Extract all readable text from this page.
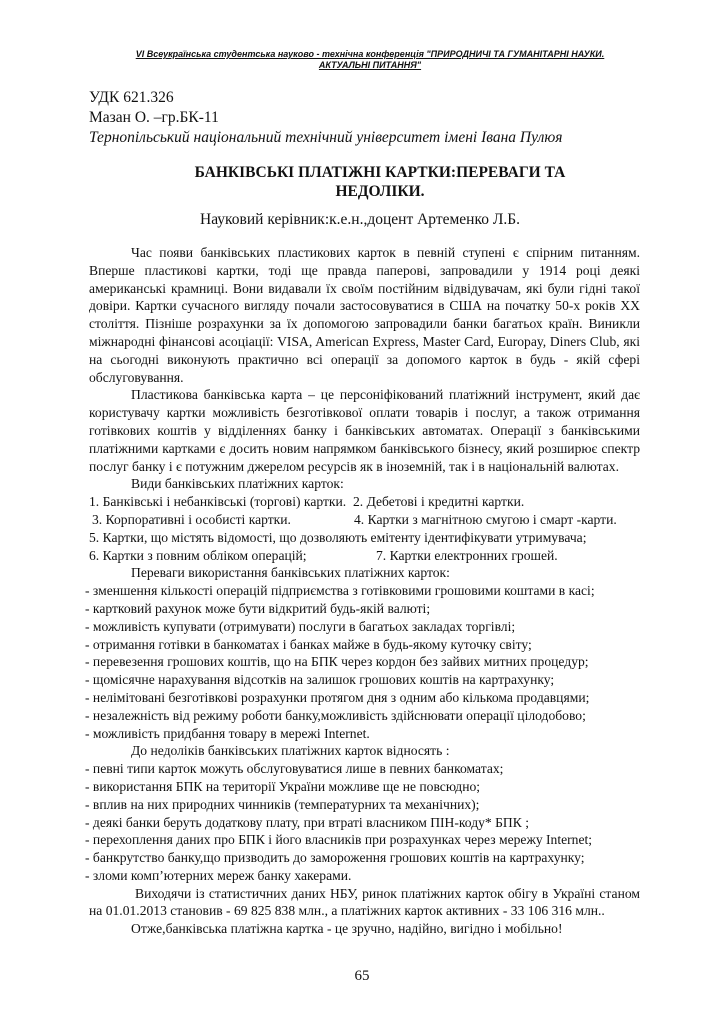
VI Всеукраїнська студентська науково - технічна конференція "ПРИРОДНИЧІ ТА ГУМАНІТАРНІ НАУКИ.
АКТУАЛЬНІ ПИТАННЯ"
УДК 621.326
Мазан О. –гр.БК-11
Тернопільський національний технічний університет імені Івана Пулюя
БАНКІВСЬКІ ПЛАТІЖНІ КАРТКИ:ПЕРЕВАГИ ТА
НЕДОЛІКИ.
Науковий керівник:к.е.н.,доцент Артеменко Л.Б.

Час появи банківських пластикових карток в певній ступені є спірним питанням. Вперше пластикові картки, тоді ще правда паперові, запровадили у 1914 році деякі американські крамниці. Вони видавали їх своїм постійним відвідувачам, які були гідні такої довіри. Картки сучасного вигляду почали застосовуватися в США на початку 50-х років XX століття. Пізніше розрахунки за їх допомогою запровадили банки багатьох країн. Виникли міжнародні фінансові асоціації: VISA, American Express, Master Card, Europay, Diners Club, які на сьогодні виконують практично всі операції за допомого карток в будь - якій сфері обслуговування.

Пластикова банківська карта – це персоніфікований платіжний інструмент, який дає користувачу картки можливість безготівкової оплати товарів і послуг, а також отримання готівкових коштів у відділеннях банку і банківських автоматах. Операції з банківськими платіжними картками є досить новим напрямком банківського бізнесу, який розширює спектр послуг банку і є потужним джерелом ресурсів як в іноземній, так і в національній валютах.

Види банківських платіжних карток:

1. Банківські і небанківські (торгові) картки.
2. Дебетові і кредитні картки.
3. Корпоративні і особисті картки.	4. Картки з магнітною смугою і смарт -карти.
5. Картки, що містять відомості, що дозволяють емітенту ідентифікувати утримувача;
6. Картки з повним обліком операцій;	7. Картки електронних грошей.

Переваги використання банківських платіжних карток:

- зменшення кількості операцій підприємства з готівковими грошовими коштами в касі;
- картковий рахунок може бути відкритий будь-якій валюті;
- можливість купувати (отримувати) послуги в багатьох закладах торгівлі;
- отримання готівки в банкоматах і банках майже в будь-якому куточку світу;
- перевезення грошових коштів, що на БПК через кордон без зайвих митних процедур;
- щомісячне нарахування відсотків на залишок грошових коштів на картрахунку;
- нелімітовані безготівкові розрахунки протягом дня з одним або кількома продавцями;
- незалежність від режиму роботи банку,можливість здійснювати операції цілодобово;
- можливість придбання товару в мережі Internet.

До недоліків банківських платіжних карток відносять :

- певні типи карток можуть обслуговуватися лише в певних банкоматах;
- використання БПК на території України можливе ще не повсюдно;
- вплив на них природних чинників (температурних та механічних);
- деякі банки беруть додаткову плату, при втраті власником ПІН-коду* БПК ;
- перехоплення даних про БПК і його власників при розрахунках через мережу Internet;
- банкрутство банку,що призводить до замороження грошових коштів на картрахунку;
- зломи комп’ютерних мереж банку хакерами.

Виходячи із статистичних даних НБУ, ринок платіжних карток обігу в Україні станом на 01.01.2013 становив - 69 825 838 млн., а платіжних карток активних - 33 106 316 млн..

Отже,банківська платіжна картка - це зручно, надійно, вигідно і мобільно!

65
